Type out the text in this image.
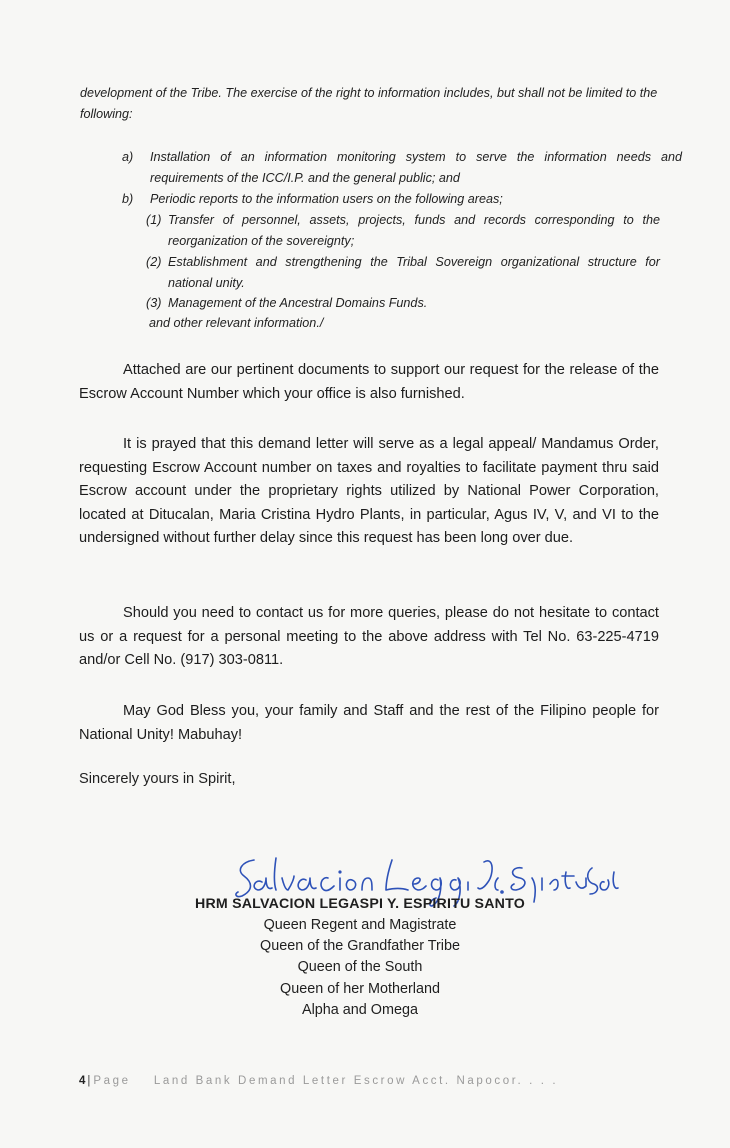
development of the Tribe. The exercise of the right to information includes, but shall not be limited to the following:
a)	Installation of an information monitoring system to serve the information needs and requirements of the ICC/I.P. and the general public; and
b)	Periodic reports to the information users on the following areas;
(1) Transfer of personnel, assets, projects, funds and records corresponding to the reorganization of the sovereignty;
(2) Establishment and strengthening the Tribal Sovereign organizational structure for national unity.
(3) Management of the Ancestral Domains Funds.
and other relevant information./
Attached are our pertinent documents to support our request for the release of the Escrow Account Number which your office is also furnished.
It is prayed that this demand letter will serve as a legal appeal/ Mandamus Order, requesting Escrow Account number on taxes and royalties to facilitate payment thru said Escrow account under the proprietary rights utilized by National Power Corporation, located at Ditucalan, Maria Cristina Hydro Plants, in particular, Agus IV, V, and VI to the undersigned without further delay since this request has been long over due.
Should you need to contact us for more queries, please do not hesitate to contact us or a request for a personal meeting to the above address with Tel No. 63-225-4719 and/or Cell No. (917) 303-0811.
May God Bless you, your family and Staff and the rest of the Filipino people for National Unity! Mabuhay!
Sincerely yours in Spirit,
HRM SALVACION LEGASPI Y. ESPIRITU SANTO
Queen Regent and Magistrate
Queen of the Grandfather Tribe
Queen of the South
Queen of her Motherland
Alpha and Omega
4 | Page Land Bank Demand Letter Escrow Acct. Napocor. . . .
